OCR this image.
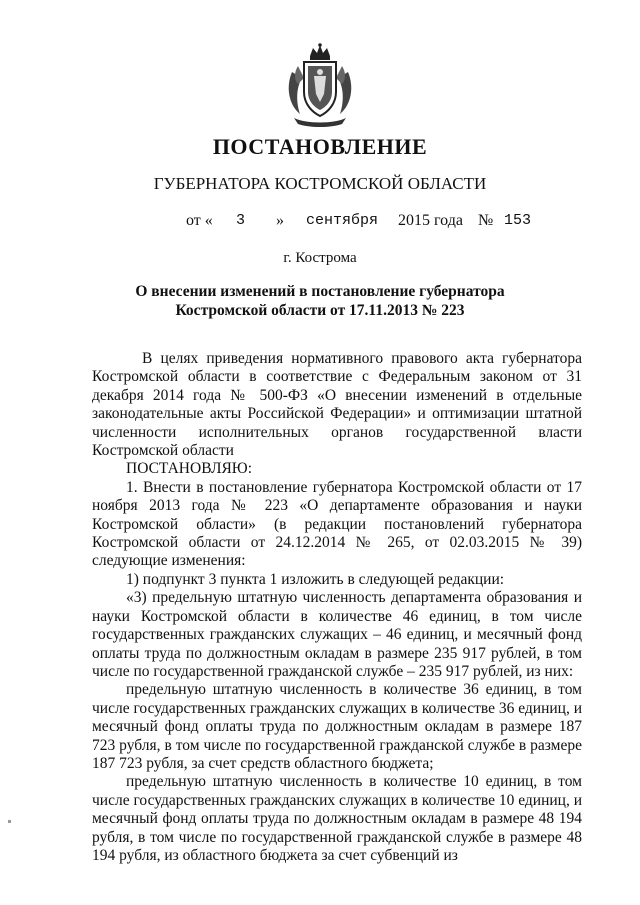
ПОСТАНОВЛЕНИЕ
ГУБЕРНАТОРА КОСТРОМСКОЙ ОБЛАСТИ
от « 3 » сентября 2015 года № 153
г. Кострома
О внесении изменений в постановление губернатора
Костромской области от 17.11.2013 № 223

В целях приведения нормативного правового акта губернатора Костромской области в соответствие с Федеральным законом от 31 декабря 2014 года № 500-ФЗ «О внесении изменений в отдельные законодательные акты Российской Федерации» и оптимизации штатной численности исполнительных органов государственной власти Костромской области

ПОСТАНОВЛЯЮ:

1. Внести в постановление губернатора Костромской области от 17 ноября 2013 года № 223 «О департаменте образования и науки Костромской области» (в редакции постановлений губернатора Костромской области от 24.12.2014 № 265, от 02.03.2015 № 39) следующие изменения:

1) подпункт 3 пункта 1 изложить в следующей редакции:

«3) предельную штатную численность департамента образования и науки Костромской области в количестве 46 единиц, в том числе государственных гражданских служащих – 46 единиц, и месячный фонд оплаты труда по должностным окладам в размере 235 917 рублей, в том числе по государственной гражданской службе – 235 917 рублей, из них:

предельную штатную численность в количестве 36 единиц, в том числе государственных гражданских служащих в количестве 36 единиц, и месячный фонд оплаты труда по должностным окладам в размере 187 723 рубля, в том числе по государственной гражданской службе в размере 187 723 рубля, за счет средств областного бюджета;

предельную штатную численность в количестве 10 единиц, в том числе государственных гражданских служащих в количестве 10 единиц, и месячный фонд оплаты труда по должностным окладам в размере 48 194 рубля, в том числе по государственной гражданской службе в размере 48 194 рубля, из областного бюджета за счет субвенций из
